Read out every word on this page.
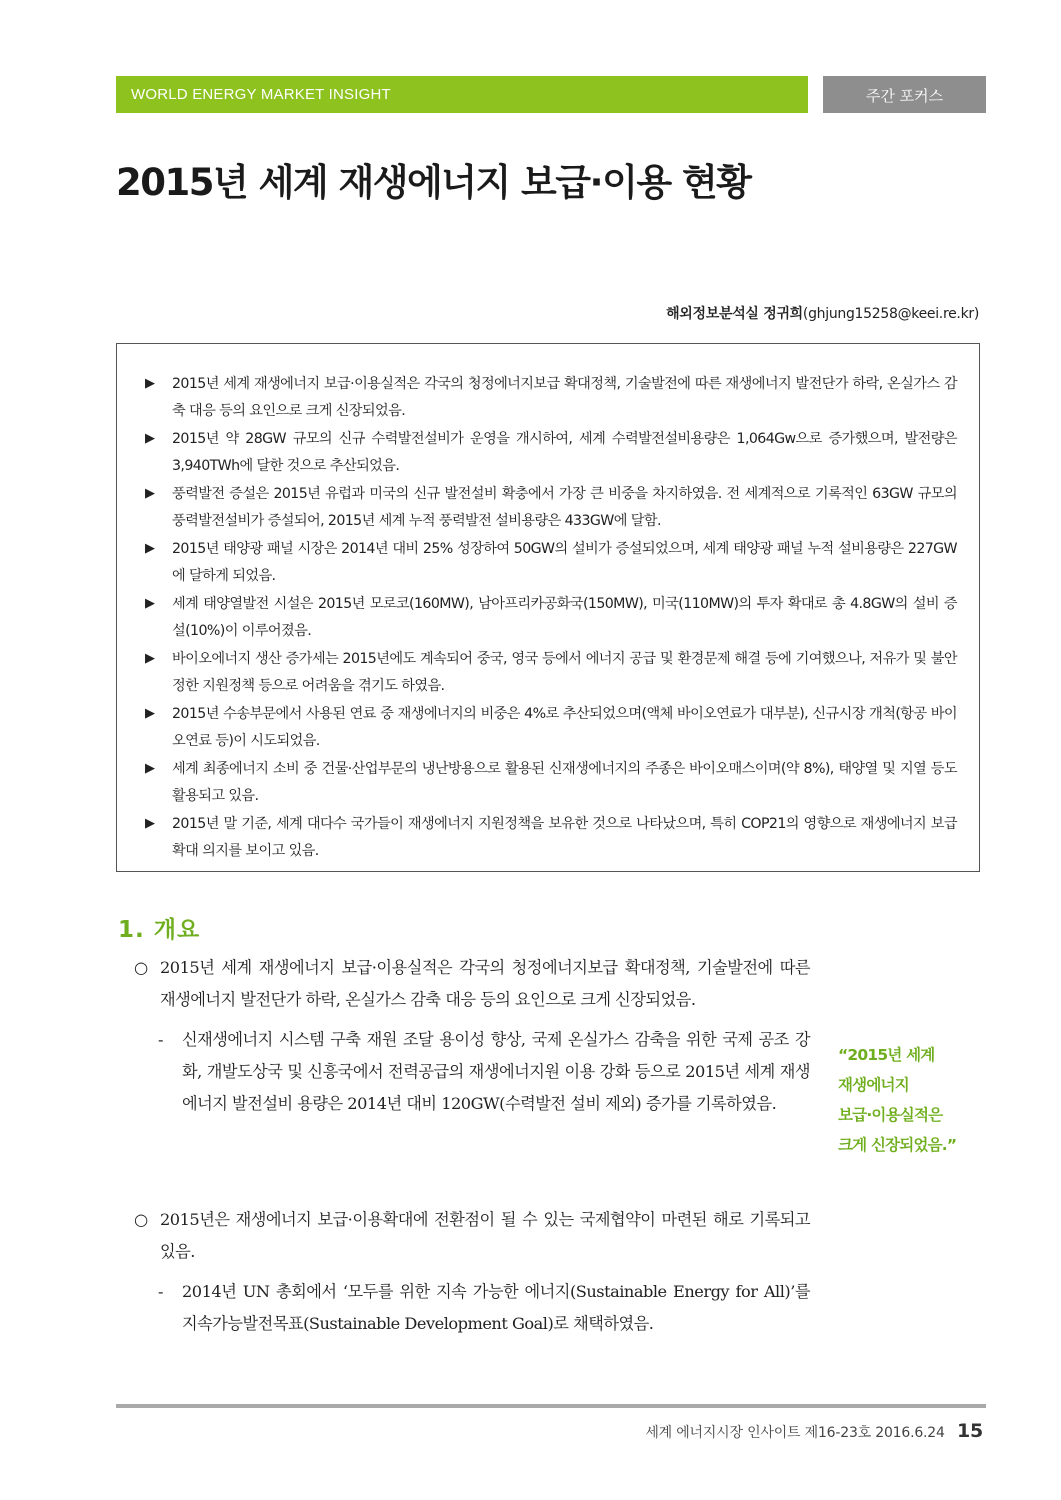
WORLD ENERGY MARKET INSIGHT	주간 포커스
2015년 세계 재생에너지 보급·이용 현황
해외정보분석실 정귀희(ghjung15258@keei.re.kr)
▶ 2015년 세계 재생에너지 보급·이용실적은 각국의 청정에너지보급 확대정책, 기술발전에 따른 재생에너지 발전단가 하락, 온실가스 감축 대응 등의 요인으로 크게 신장되었음.
▶ 2015년 약 28GW 규모의 신규 수력발전설비가 운영을 개시하여, 세계 수력발전설비용량은 1,064Gw으로 증가했으며, 발전량은 3,940TWh에 달한 것으로 추산되었음.
▶ 풍력발전 증설은 2015년 유럽과 미국의 신규 발전설비 확충에서 가장 큰 비중을 차지하였음. 전 세계적으로 기록적인 63GW 규모의 풍력발전설비가 증설되어, 2015년 세계 누적 풍력발전 설비용량은 433GW에 달함.
▶ 2015년 태양광 패널 시장은 2014년 대비 25% 성장하여 50GW의 설비가 증설되었으며, 세계 태양광 패널 누적 설비용량은 227GW에 달하게 되었음.
▶ 세계 태양열발전 시설은 2015년 모로코(160MW), 남아프리카공화국(150MW), 미국(110MW)의 투자 확대로 총 4.8GW의 설비 증설(10%)이 이루어졌음.
▶ 바이오에너지 생산 증가세는 2015년에도 계속되어 중국, 영국 등에서 에너지 공급 및 환경문제 해결 등에 기여했으나, 저유가 및 불안정한 지원정책 등으로 어려움을 겪기도 하였음.
▶ 2015년 수송부문에서 사용된 연료 중 재생에너지의 비중은 4%로 추산되었으며(액체 바이오연료가 대부분), 신규시장 개척(항공 바이오연료 등)이 시도되었음.
▶ 세계 최종에너지 소비 중 건물·산업부문의 냉난방용으로 활용된 신재생에너지의 주종은 바이오매스이며(약 8%), 태양열 및 지열 등도 활용되고 있음.
▶ 2015년 말 기준, 세계 대다수 국가들이 재생에너지 지원정책을 보유한 것으로 나타났으며, 특히 COP21의 영향으로 재생에너지 보급 확대 의지를 보이고 있음.
1. 개요
○ 2015년 세계 재생에너지 보급·이용실적은 각국의 청정에너지보급 확대정책, 기술발전에 따른 재생에너지 발전단가 하락, 온실가스 감축 대응 등의 요인으로 크게 신장되었음.
- 신재생에너지 시스템 구축 재원 조달 용이성 향상, 국제 온실가스 감축을 위한 국제 공조 강화, 개발도상국 및 신흥국에서 전력공급의 재생에너지원 이용 강화 등으로 2015년 세계 재생에너지 발전설비 용량은 2014년 대비 120GW(수력발전 설비 제외) 증가를 기록하였음.
○ 2015년은 재생에너지 보급·이용확대에 전환점이 될 수 있는 국제협약이 마련된 해로 기록되고 있음.
- 2014년 UN 총회에서 ‘모두를 위한 지속 가능한 에너지(Sustainable Energy for All)’를 지속가능발전목표(Sustainable Development Goal)로 채택하였음.
“2015년 세계
재생에너지
보급·이용실적은
크게 신장되었음.”
세계 에너지시장 인사이트 제16-23호 2016.6.24 15
